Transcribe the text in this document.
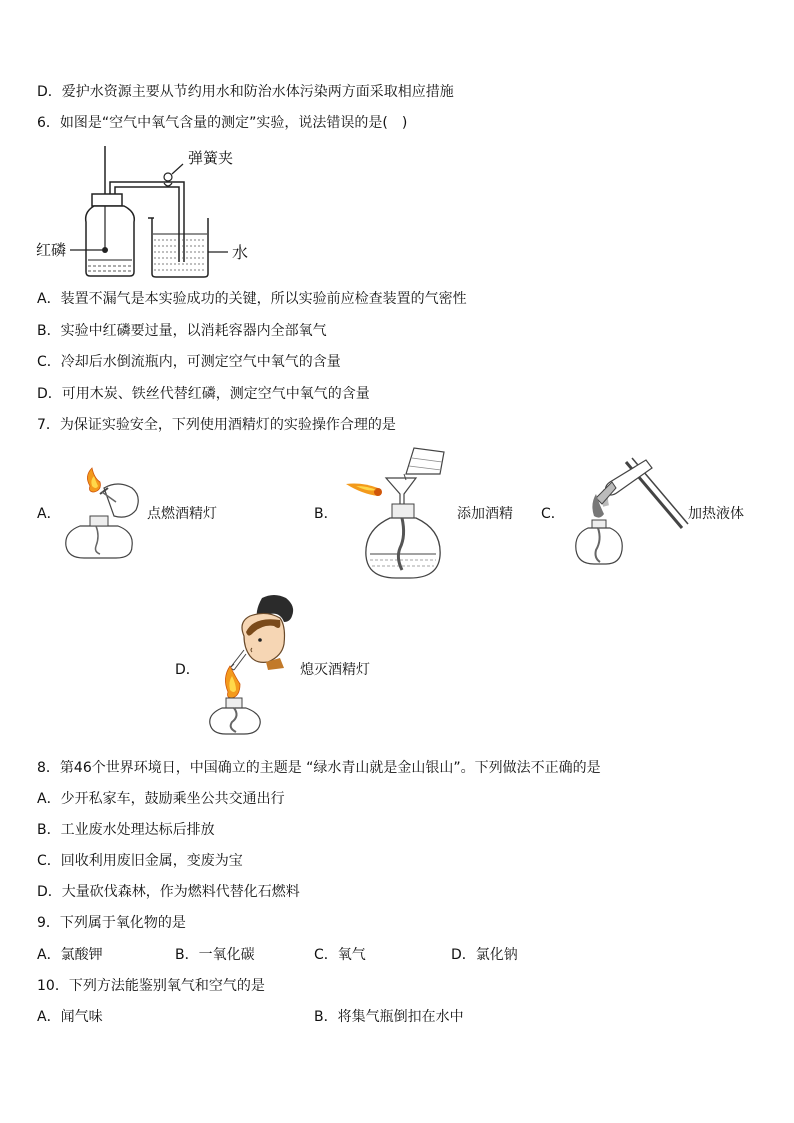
D．爱护水资源主要从节约用水和防治水体污染两方面采取相应措施
6．如图是“空气中氧气含量的测定”实验，说法错误的是(　)
弹簧夹
红磷	水
A．装置不漏气是本实验成功的关键，所以实验前应检查装置的气密性
B．实验中红磷要过量，以消耗容器内全部氧气
C．冷却后水倒流瓶内，可测定空气中氧气的含量
D．可用木炭、铁丝代替红磷，测定空气中氧气的含量
7．为保证实验安全，下列使用酒精灯的实验操作合理的是
A．	点燃酒精灯	B．	添加酒精 C．	加热液体
D．	熄灭酒精灯
8．第46个世界环境日，中国确立的主题是 “绿水青山就是金山银山”。下列做法不正确的是
A．少开私家车，鼓励乘坐公共交通出行
B．工业废水处理达标后排放
C．回收利用废旧金属，变废为宝
D．大量砍伐森林，作为燃料代替化石燃料
9．下列属于氧化物的是
A．氯酸钾	B．一氧化碳	C．氧气	D．氯化钠
10．下列方法能鉴别氧气和空气的是
A．闻气味	B．将集气瓶倒扣在水中
